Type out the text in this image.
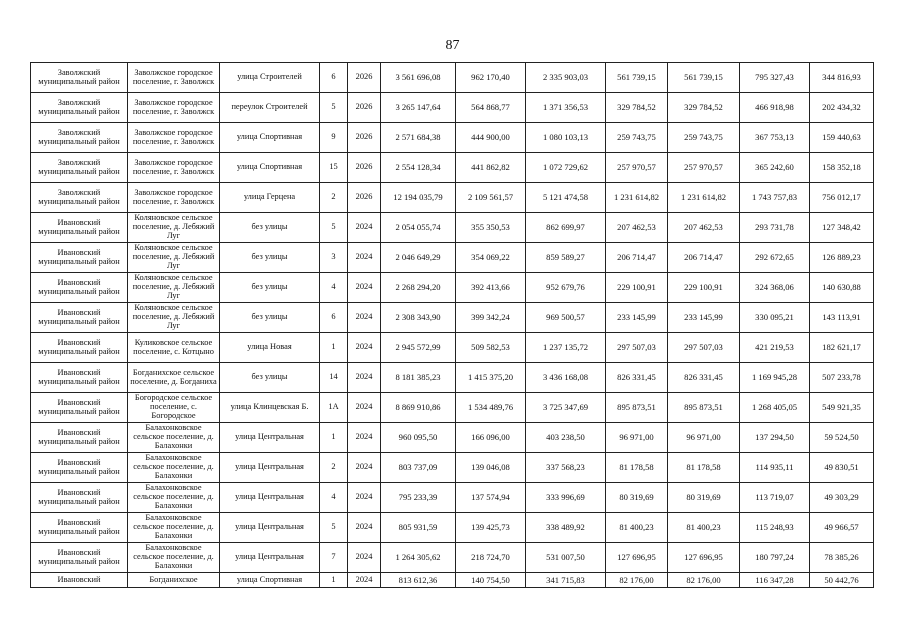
87
Заволжский муниципальный район	Заволжское городское поселение, г. Заволжск	улица Строителей	6	2026	3 561 696,08	962 170,40	2 335 903,03	561 739,15	561 739,15	795 327,43	344 816,93
Заволжский муниципальный район	Заволжское городское поселение, г. Заволжск	переулок Строителей	5	2026	3 265 147,64	564 868,77	1 371 356,53	329 784,52	329 784,52	466 918,98	202 434,32
Заволжский муниципальный район	Заволжское городское поселение, г. Заволжск	улица Спортивная	9	2026	2 571 684,38	444 900,00	1 080 103,13	259 743,75	259 743,75	367 753,13	159 440,63
Заволжский муниципальный район	Заволжское городское поселение, г. Заволжск	улица Спортивная	15	2026	2 554 128,34	441 862,82	1 072 729,62	257 970,57	257 970,57	365 242,60	158 352,18
Заволжский муниципальный район	Заволжское городское поселение, г. Заволжск	улица Герцена	2	2026	12 194 035,79	2 109 561,57	5 121 474,58	1 231 614,82	1 231 614,82	1 743 757,83	756 012,17
Ивановский муниципальный район	Коляновское сельское поселение, д. Лебяжий Луг	без улицы	5	2024	2 054 055,74	355 350,53	862 699,97	207 462,53	207 462,53	293 731,78	127 348,42
Ивановский муниципальный район	Коляновское сельское поселение, д. Лебяжий Луг	без улицы	3	2024	2 046 649,29	354 069,22	859 589,27	206 714,47	206 714,47	292 672,65	126 889,23
Ивановский муниципальный район	Коляновское сельское поселение, д. Лебяжий Луг	без улицы	4	2024	2 268 294,20	392 413,66	952 679,76	229 100,91	229 100,91	324 368,06	140 630,88
Ивановский муниципальный район	Коляновское сельское поселение, д. Лебяжий Луг	без улицы	6	2024	2 308 343,90	399 342,24	969 500,57	233 145,99	233 145,99	330 095,21	143 113,91
Ивановский муниципальный район	Куликовское сельское поселение, с. Котцыно	улица Новая	1	2024	2 945 572,99	509 582,53	1 237 135,72	297 507,03	297 507,03	421 219,53	182 621,17
Ивановский муниципальный район	Богданихское сельское поселение, д. Богданиха	без улицы	14	2024	8 181 385,23	1 415 375,20	3 436 168,08	826 331,45	826 331,45	1 169 945,28	507 233,78
Ивановский муниципальный район	Богородское сельское поселение, с. Богородское	улица Клинцевская Б.	1А	2024	8 869 910,86	1 534 489,76	3 725 347,69	895 873,51	895 873,51	1 268 405,05	549 921,35
Ивановский муниципальный район	Балахонковское сельское поселение, д. Балахонки	улица Центральная	1	2024	960 095,50	166 096,00	403 238,50	96 971,00	96 971,00	137 294,50	59 524,50
Ивановский муниципальный район	Балахонковское сельское поселение, д. Балахонки	улица Центральная	2	2024	803 737,09	139 046,08	337 568,23	81 178,58	81 178,58	114 935,11	49 830,51
Ивановский муниципальный район	Балахонковское сельское поселение, д. Балахонки	улица Центральная	4	2024	795 233,39	137 574,94	333 996,69	80 319,69	80 319,69	113 719,07	49 303,29
Ивановский муниципальный район	Балахонковское сельское поселение, д. Балахонки	улица Центральная	5	2024	805 931,59	139 425,73	338 489,92	81 400,23	81 400,23	115 248,93	49 966,57
Ивановский муниципальный район	Балахонковское сельское поселение, д. Балахонки	улица Центральная	7	2024	1 264 305,62	218 724,70	531 007,50	127 696,95	127 696,95	180 797,24	78 385,26
Ивановский	Богданихское	улица Спортивная	1	2024	813 612,36	140 754,50	341 715,83	82 176,00	82 176,00	116 347,28	50 442,76
